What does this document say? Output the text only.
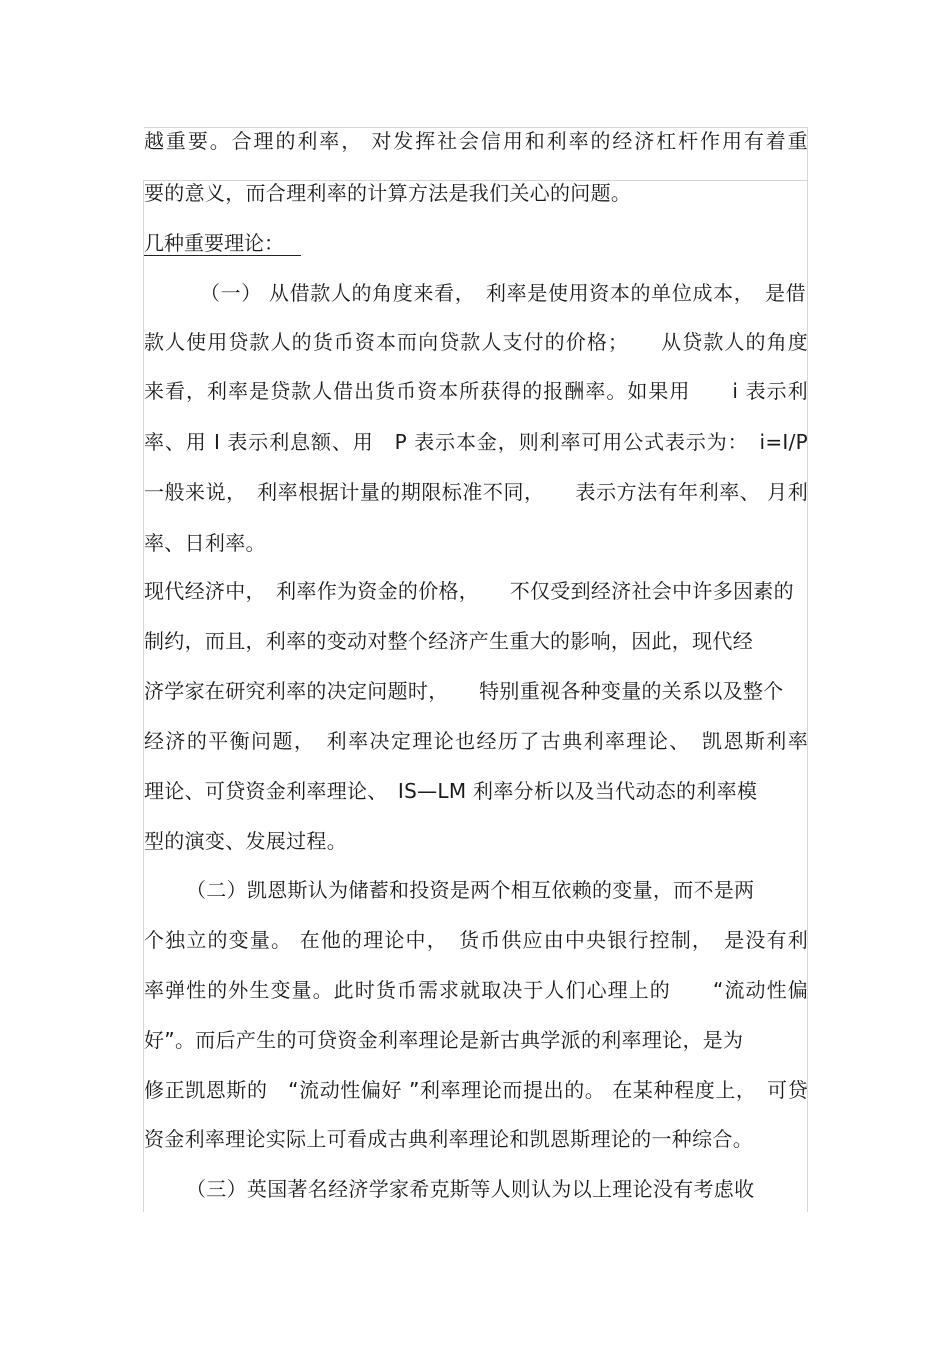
越重要。合理的利率， 对发挥社会信用和利率的经济杠杆作用有着重
要的意义，而合理利率的计算方法是我们关心的问题。
几种重要理论：
（一） 从借款人的角度来看，　利率是使用资本的单位成本，　是借
款人使用贷款人的货币资本而向贷款人支付的价格；　　从贷款人的角度
来看，利率是贷款人借出货币资本所获得的报酬率。如果用　　i 表示利
率、用 I 表示利息额、用　P 表示本金，则利率可用公式表示为：　i=I/P
一般来说，　利率根据计量的期限标准不同，　　表示方法有年利率、 月利
率、日利率。
现代经济中，　利率作为资金的价格，　　不仅受到经济社会中许多因素的
制约，而且，利率的变动对整个经济产生重大的影响，因此，现代经
济学家在研究利率的决定问题时，　　特别重视各种变量的关系以及整个
经济的平衡问题，　利率决定理论也经历了古典利率理论、　凯恩斯利率
理论、可贷资金利率理论、　IS—LM 利率分析以及当代动态的利率模
型的演变、发展过程。
（二）凯恩斯认为储蓄和投资是两个相互依赖的变量，而不是两
个独立的变量。 在他的理论中，　货币供应由中央银行控制，　是没有利
率弹性的外生变量。此时货币需求就取决于人们心理上的　　“流动性偏
好”。而后产生的可贷资金利率理论是新古典学派的利率理论，是为
修正凯恩斯的　“流动性偏好 ”利率理论而提出的。 在某种程度上，　可贷
资金利率理论实际上可看成古典利率理论和凯恩斯理论的一种综合。
（三）英国著名经济学家希克斯等人则认为以上理论没有考虑收
